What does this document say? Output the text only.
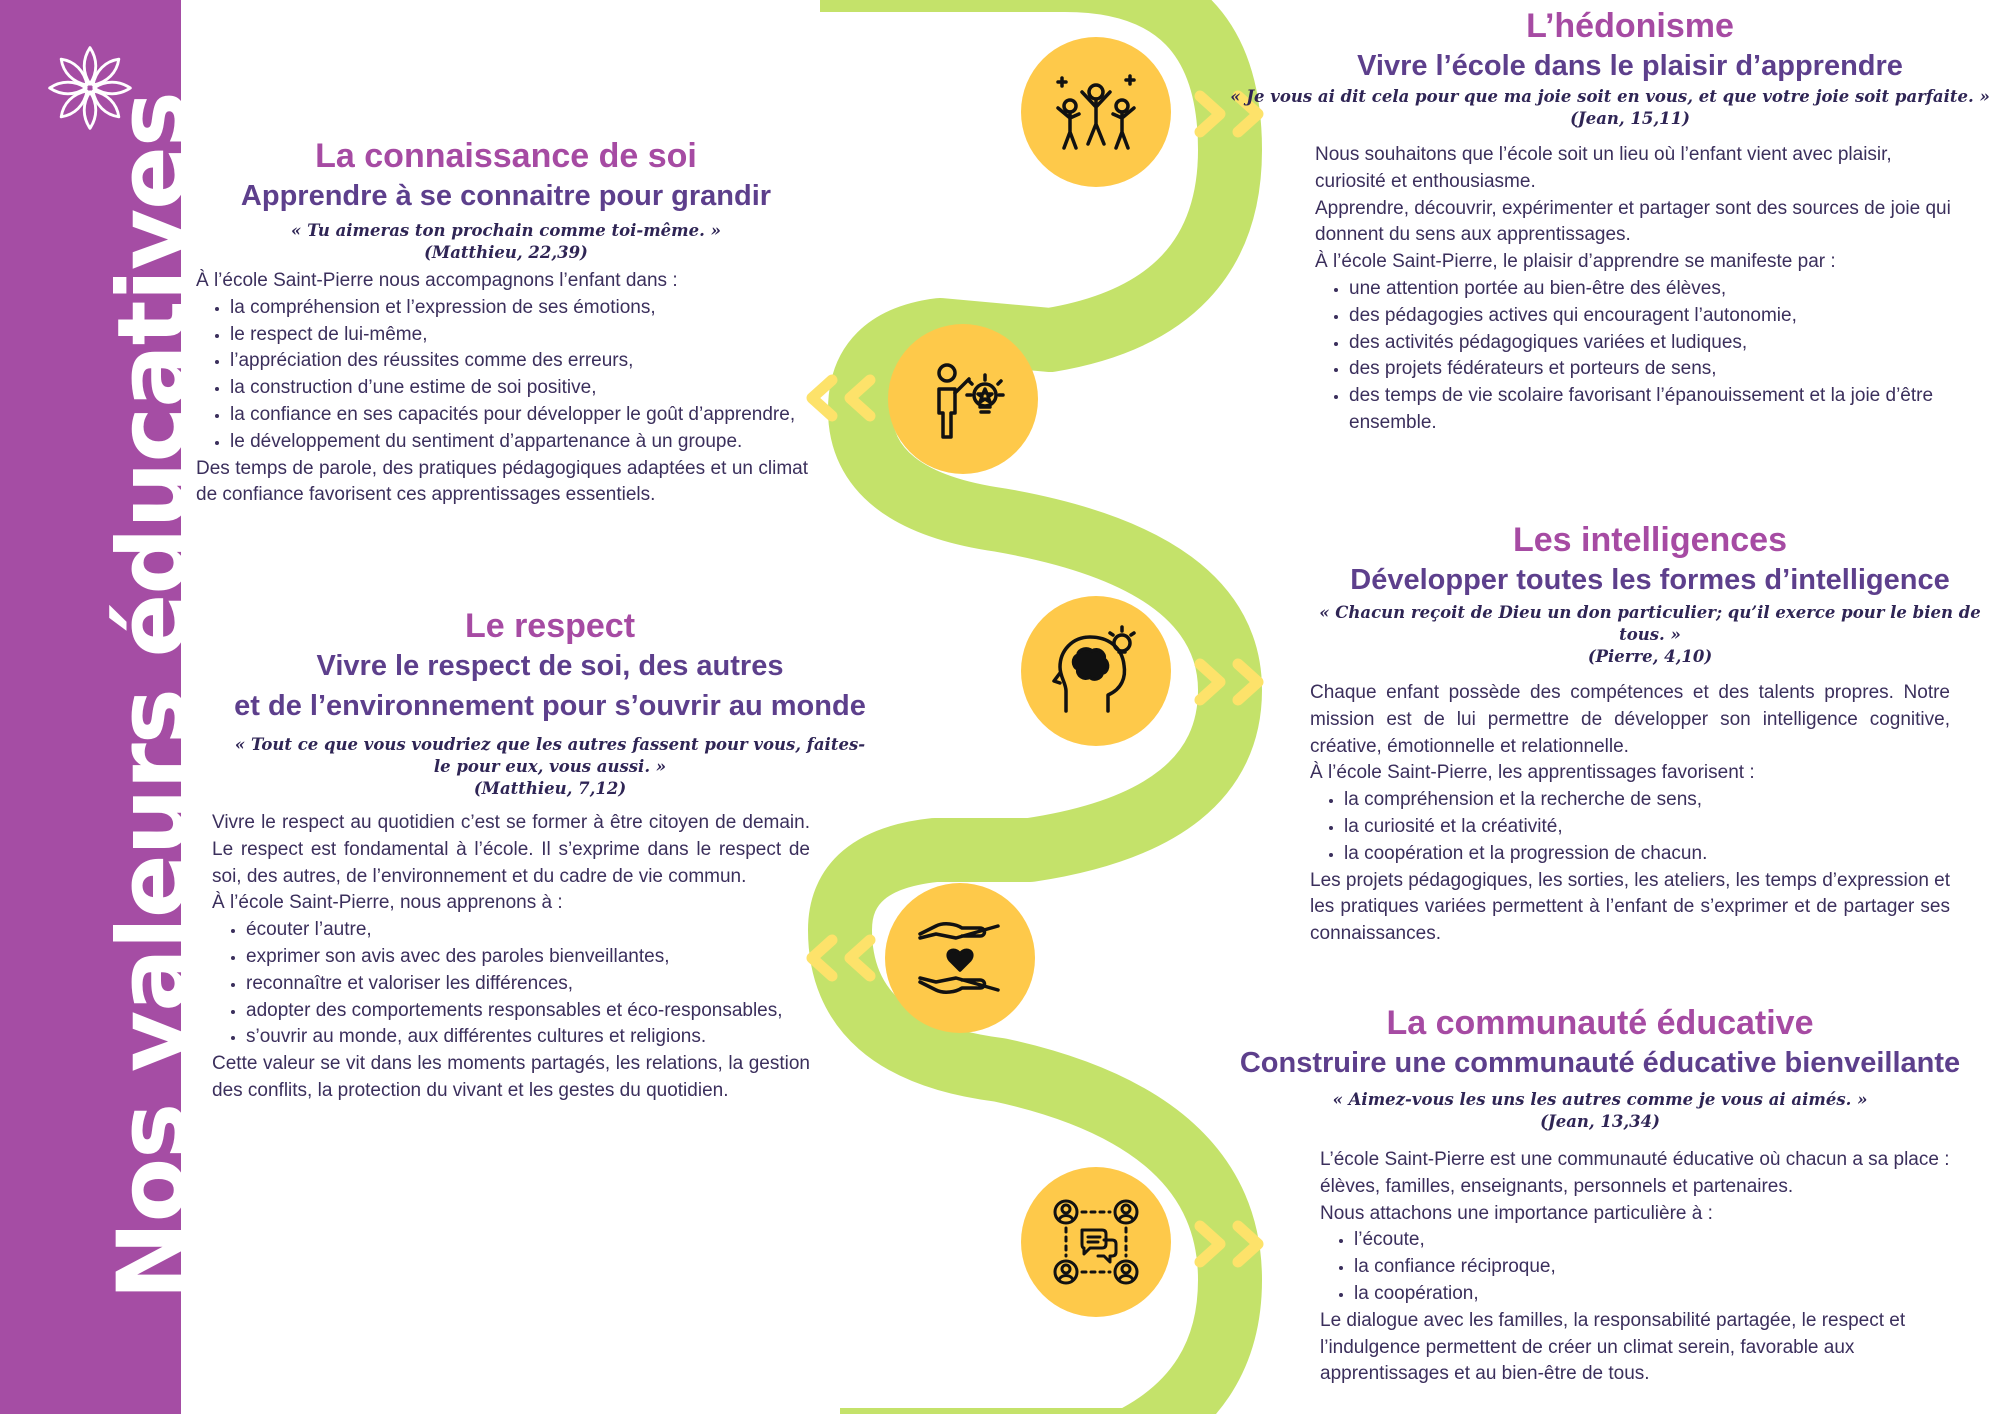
Nos valeurs éducatives
L’hédonisme
Vivre l’école dans le plaisir d’apprendre
« Je vous ai dit cela pour que ma joie soit en vous, et que votre joie soit parfaite. »
(Jean, 15,11)

Nous souhaitons que l’école soit un lieu où l’enfant vient avec plaisir, curiosité et enthousiasme.

Apprendre, découvrir, expérimenter et partager sont des sources de joie qui donnent du sens aux apprentissages.

À l’école Saint-Pierre, le plaisir d’apprendre se manifeste par :

• une attention portée au bien-être des élèves,
• des pédagogies actives qui encouragent l’autonomie,
• des activités pédagogiques variées et ludiques,
• des projets fédérateurs et porteurs de sens,
• des temps de vie scolaire favorisant l’épanouissement et la joie d’être ensemble.
La connaissance de soi
Apprendre à se connaitre pour grandir
« Tu aimeras ton prochain comme toi-même. »
(Matthieu, 22,39)

À l’école Saint-Pierre nous accompagnons l’enfant dans :

• la compréhension et l’expression de ses émotions,
• le respect de lui-même,
• l’appréciation des réussites comme des erreurs,
• la construction d’une estime de soi positive,
• la confiance en ses capacités pour développer le goût d’apprendre,
• le développement du sentiment d’appartenance à un groupe.

Des temps de parole, des pratiques pédagogiques adaptées et un climat de confiance favorisent ces apprentissages essentiels.

Les intelligences
Développer toutes les formes d’intelligence
« Chacun reçoit de Dieu un don particulier; qu’il exerce pour le bien de tous. »
(Pierre, 4,10)

Chaque enfant possède des compétences et des talents propres. Notre mission est de lui permettre de développer son intelligence cognitive, créative, émotionnelle et relationnelle.

À l’école Saint-Pierre, les apprentissages favorisent :

• la compréhension et la recherche de sens,
• la curiosité et la créativité,
• la coopération et la progression de chacun.

Les projets pédagogiques, les sorties, les ateliers, les temps d’expression et les pratiques variées permettent à l’enfant de s’exprimer et de partager ses connaissances.

Le respect
Vivre le respect de soi, des autres
et de l’environnement pour s’ouvrir au monde
« Tout ce que vous voudriez que les autres fassent pour vous, faites-le pour eux, vous aussi. »
(Matthieu, 7,12)

Vivre le respect au quotidien c’est se former à être citoyen de demain. Le respect est fondamental à l’école. Il s’exprime dans le respect de soi, des autres, de l’environnement et du cadre de vie commun.

À l’école Saint-Pierre, nous apprenons à :

• écouter l’autre,
• exprimer son avis avec des paroles bienveillantes,
• reconnaître et valoriser les différences,
• adopter des comportements responsables et éco-responsables,
• s’ouvrir au monde, aux différentes cultures et religions.

Cette valeur se vit dans les moments partagés, les relations, la gestion des conflits, la protection du vivant et les gestes du quotidien.

La communauté éducative
Construire une communauté éducative bienveillante
« Aimez-vous les uns les autres comme je vous ai aimés. »
(Jean, 13,34)

L’école Saint-Pierre est une communauté éducative où chacun a sa place : élèves, familles, enseignants, personnels et partenaires.

Nous attachons une importance particulière à :

• l’écoute,
• la confiance réciproque,
• la coopération,

Le dialogue avec les familles, la responsabilité partagée, le respect et l’indulgence permettent de créer un climat serein, favorable aux apprentissages et au bien-être de tous.
